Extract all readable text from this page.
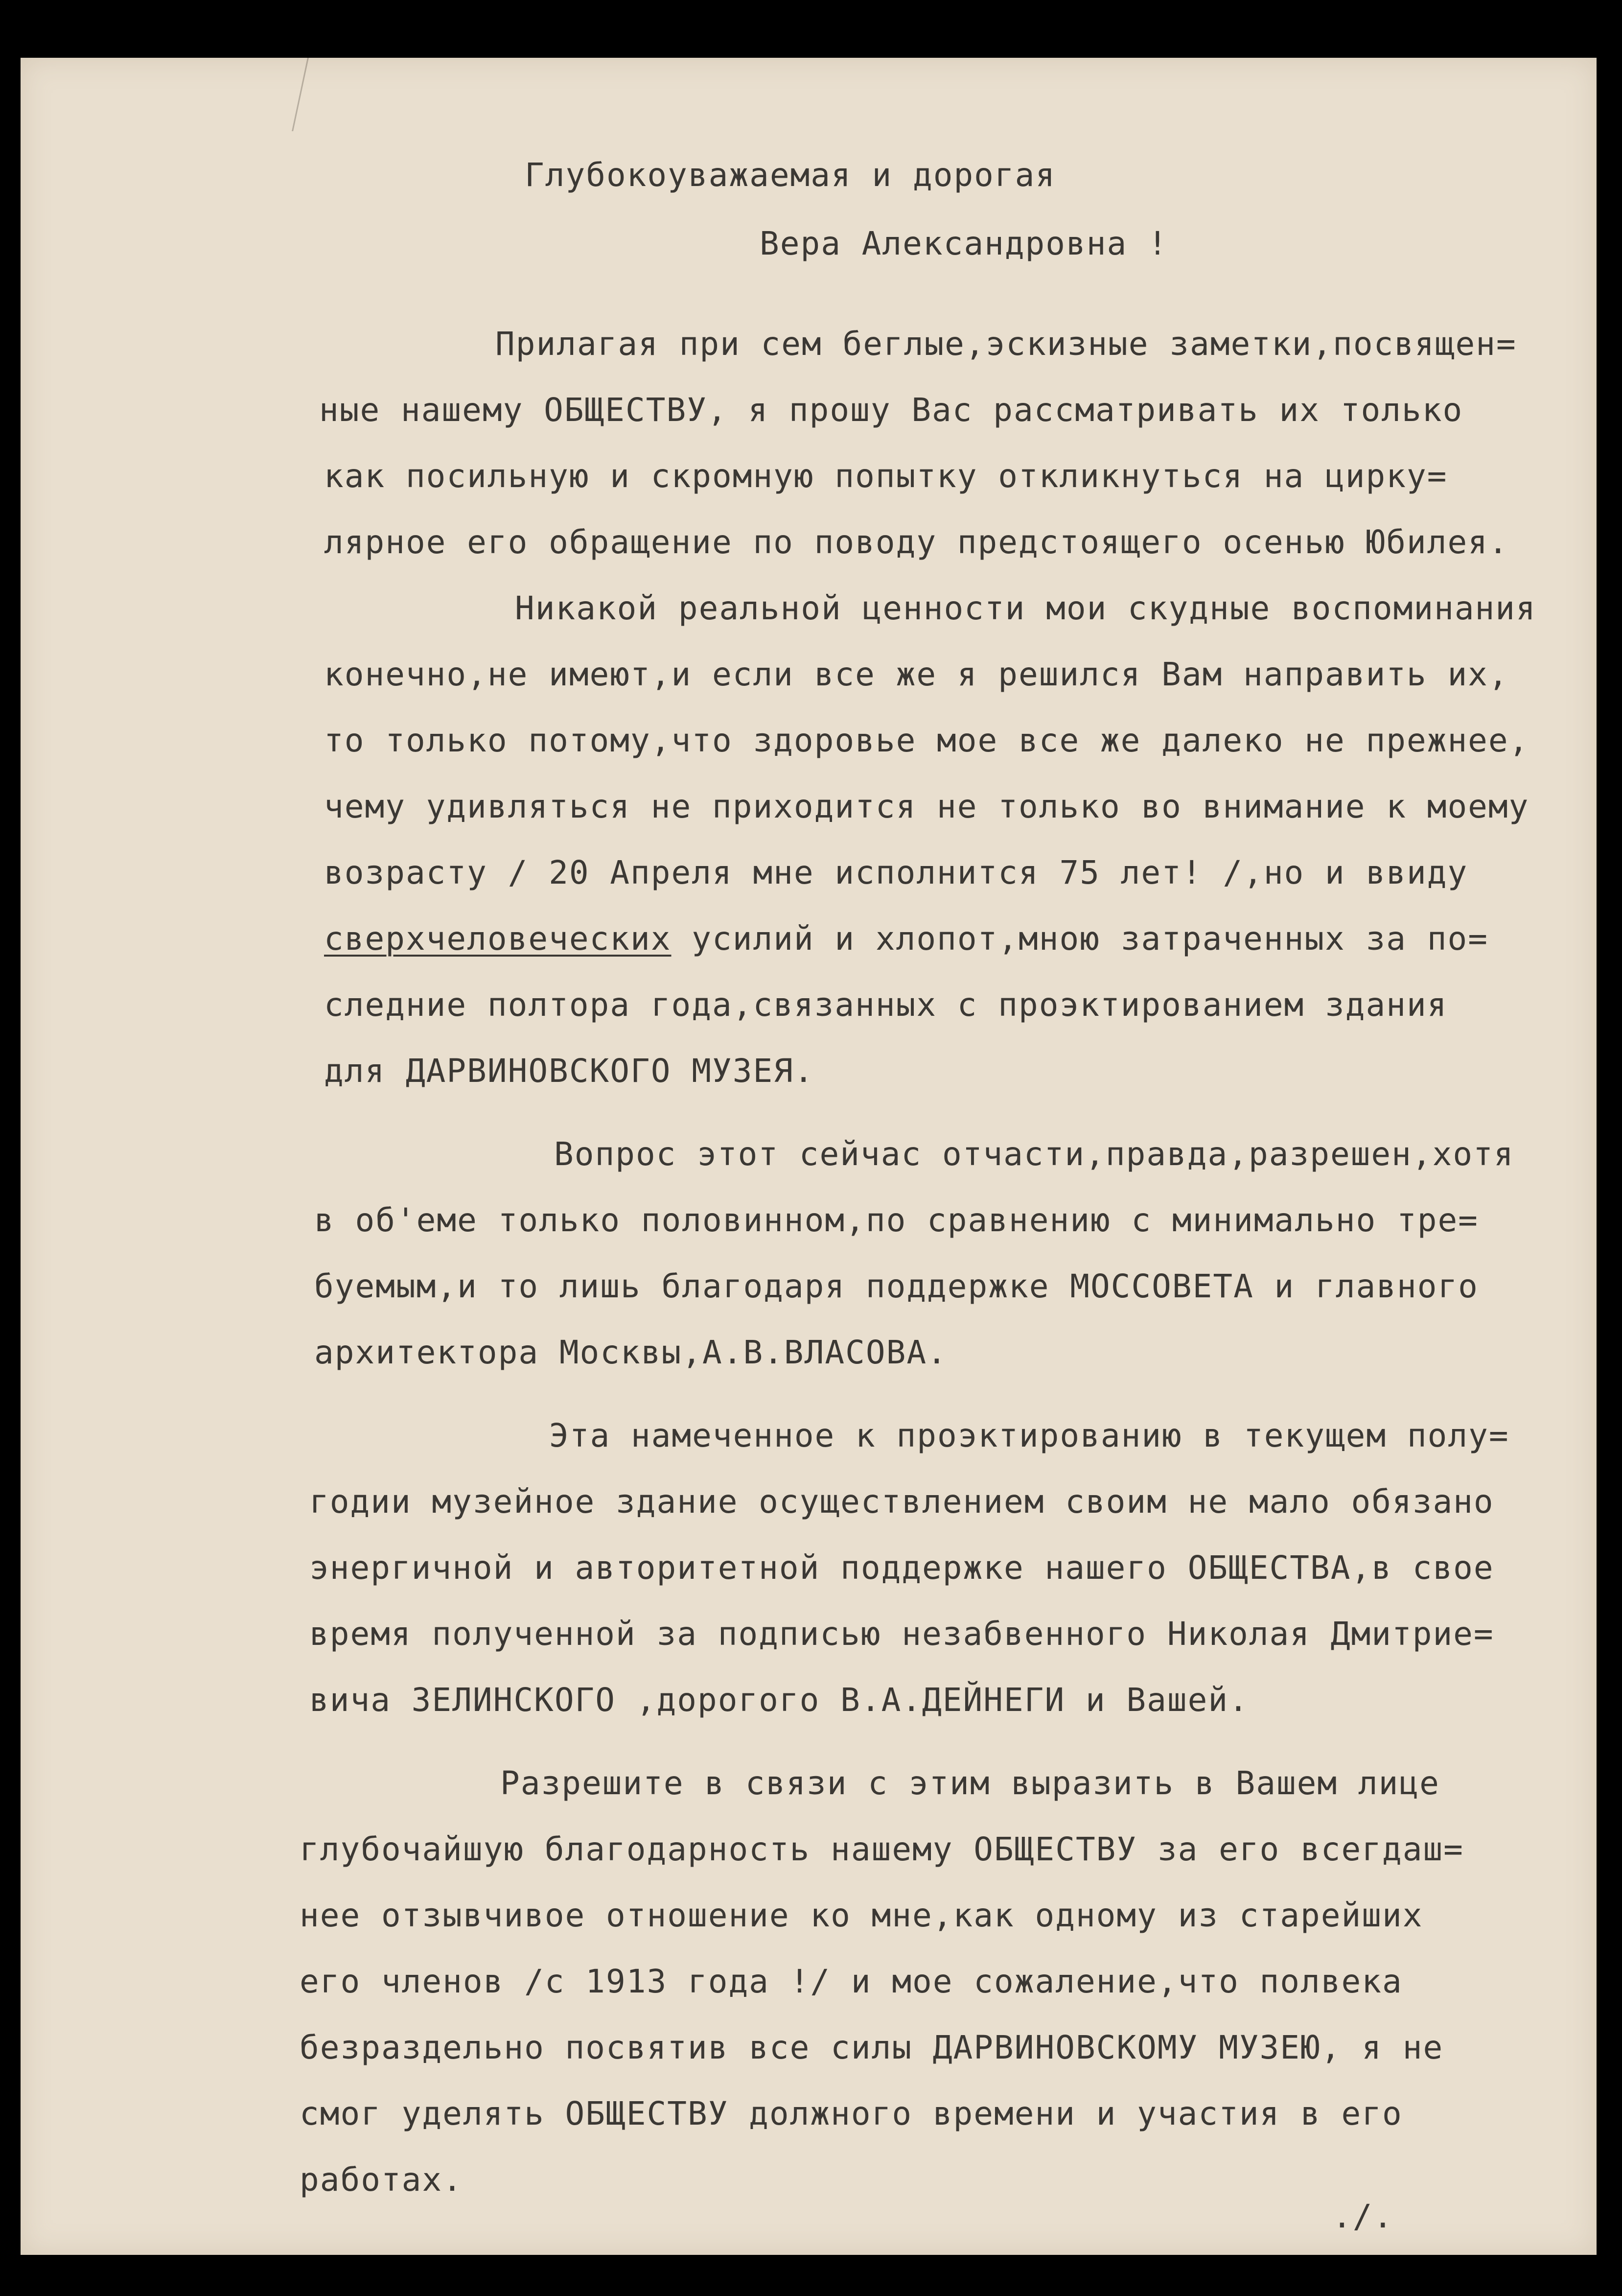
Глубокоуважаемая и дорогая
Вера Александровна !
Прилагая при сем беглые,эскизные заметки,посвящен=
ные нашему ОБЩЕСТВУ, я прошу Вас рассматривать их только
как посильную и скромную попытку откликнуться на цирку=
лярное его обращение по поводу предстоящего осенью Юбилея.
Никакой реальной ценности мои скудные воспоминания
конечно,не имеют,и если все же я решился Вам направить их,
то только потому,что здоровье мое все же далеко не прежнее,
чему удивляться не приходится не только во внимание к моему
возрасту / 20 Апреля мне исполнится 75 лет! /,но и ввиду
сверхчеловеческих усилий и хлопот,мною затраченных за по=
следние полтора года,связанных с проэктированием здания
для ДАРВИНОВСКОГО МУЗЕЯ.
Вопрос этот сейчас отчасти,правда,разрешен,хотя
в об'еме только половинном,по сравнению с минимально тре=
буемым,и то лишь благодаря поддержке МОССОВЕТА и главного
архитектора Москвы,А.В.ВЛАСОВА.
Эта намеченное к проэктированию в текущем полу=
годии музейное здание осуществлением своим не мало обязано
энергичной и авторитетной поддержке нашего ОБЩЕСТВА,в свое
время полученной за подписью незабвенного Николая Дмитрие=
вича ЗЕЛИНСКОГО ,дорогого В.А.ДЕЙНЕГИ и Вашей.
Разрешите в связи с этим выразить в Вашем лице
глубочайшую благодарность нашему ОБЩЕСТВУ за его всегдаш=
нее отзывчивое отношение ко мне,как одному из старейших
его членов /с 1913 года !/ и мое сожаление,что полвека
безраздельно посвятив все силы ДАРВИНОВСКОМУ МУЗЕЮ, я не
смог уделять ОБЩЕСТВУ должного времени и участия в его
работах.
./.
